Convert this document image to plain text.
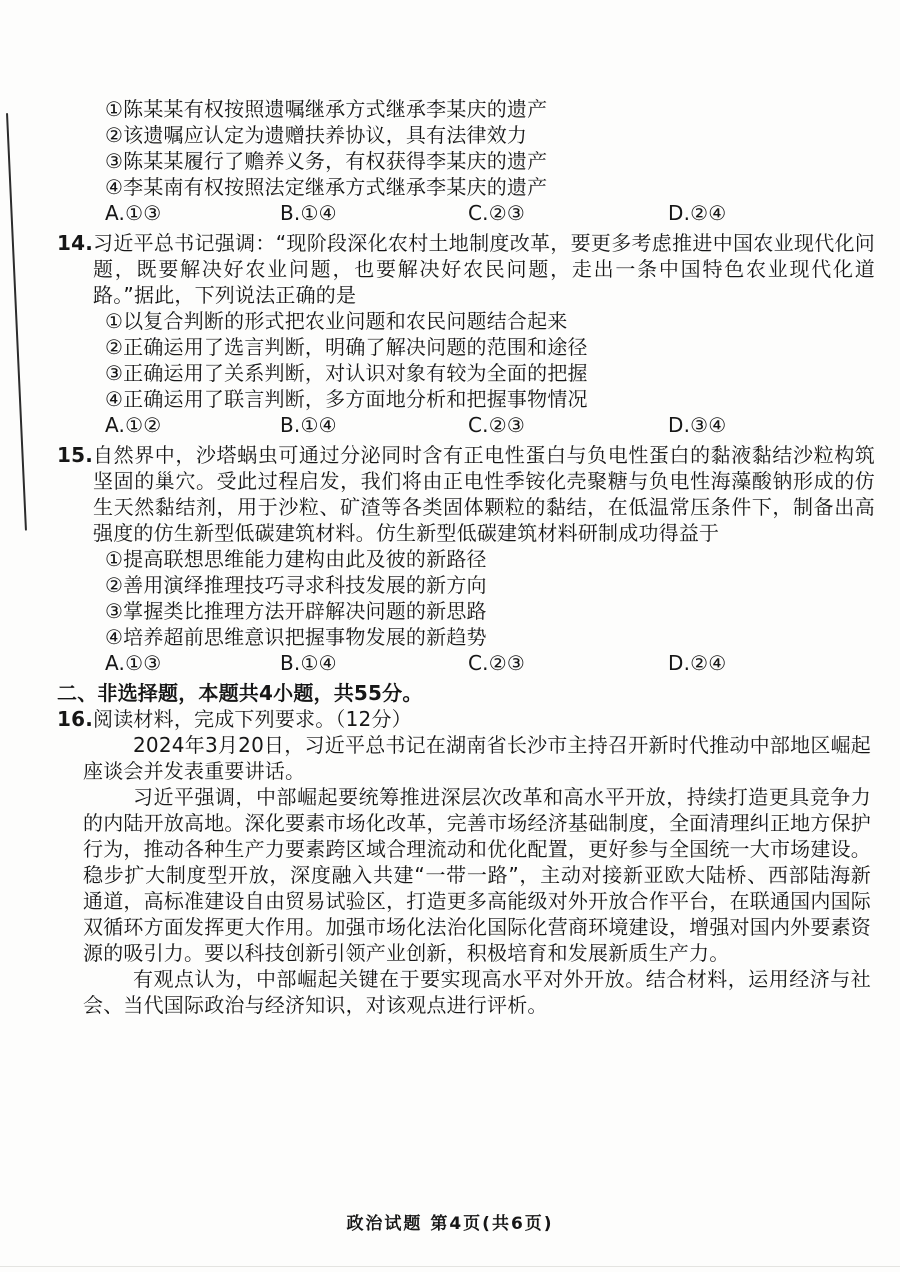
①陈某某有权按照遗嘱继承方式继承李某庆的遗产
②该遗嘱应认定为遗赠扶养协议，具有法律效力
③陈某某履行了赡养义务，有权获得李某庆的遗产
④李某南有权按照法定继承方式继承李某庆的遗产
A.①③	B.①④	C.②③	D.②④
14. 习近平总书记强调：“现阶段深化农村土地制度改革，要更多考虑推进中国农业现代化问题，既要解决好农业问题，也要解决好农民问题，走出一条中国特色农业现代化道路。”据此，下列说法正确的是
①以复合判断的形式把农业问题和农民问题结合起来
②正确运用了选言判断，明确了解决问题的范围和途径
③正确运用了关系判断，对认识对象有较为全面的把握
④正确运用了联言判断，多方面地分析和把握事物情况
A.①②	B.①④	C.②③	D.③④
15. 自然界中，沙塔蜗虫可通过分泌同时含有正电性蛋白与负电性蛋白的黏液黏结沙粒构筑坚固的巢穴。受此过程启发，我们将由正电性季铵化壳聚糖与负电性海藻酸钠形成的仿生天然黏结剂，用于沙粒、矿渣等各类固体颗粒的黏结，在低温常压条件下，制备出高强度的仿生新型低碳建筑材料。仿生新型低碳建筑材料研制成功得益于
①提高联想思维能力建构由此及彼的新路径
②善用演绎推理技巧寻求科技发展的新方向
③掌握类比推理方法开辟解决问题的新思路
④培养超前思维意识把握事物发展的新趋势
A.①③	B.①④	C.②③	D.②④
二、非选择题，本题共4小题，共55分。
16. 阅读材料，完成下列要求。（12分）

2024年3月20日，习近平总书记在湖南省长沙市主持召开新时代推动中部地区崛起座谈会并发表重要讲话。

习近平强调，中部崛起要统筹推进深层次改革和高水平开放，持续打造更具竞争力的内陆开放高地。深化要素市场化改革，完善市场经济基础制度，全面清理纠正地方保护行为，推动各种生产力要素跨区域合理流动和优化配置，更好参与全国统一大市场建设。稳步扩大制度型开放，深度融入共建“一带一路”，主动对接新亚欧大陆桥、西部陆海新通道，高标准建设自由贸易试验区，打造更多高能级对外开放合作平台，在联通国内国际双循环方面发挥更大作用。加强市场化法治化国际化营商环境建设，增强对国内外要素资源的吸引力。要以科技创新引领产业创新，积极培育和发展新质生产力。

有观点认为，中部崛起关键在于要实现高水平对外开放。结合材料，运用经济与社会、当代国际政治与经济知识，对该观点进行评析。

政治试题 第4页(共6页)
